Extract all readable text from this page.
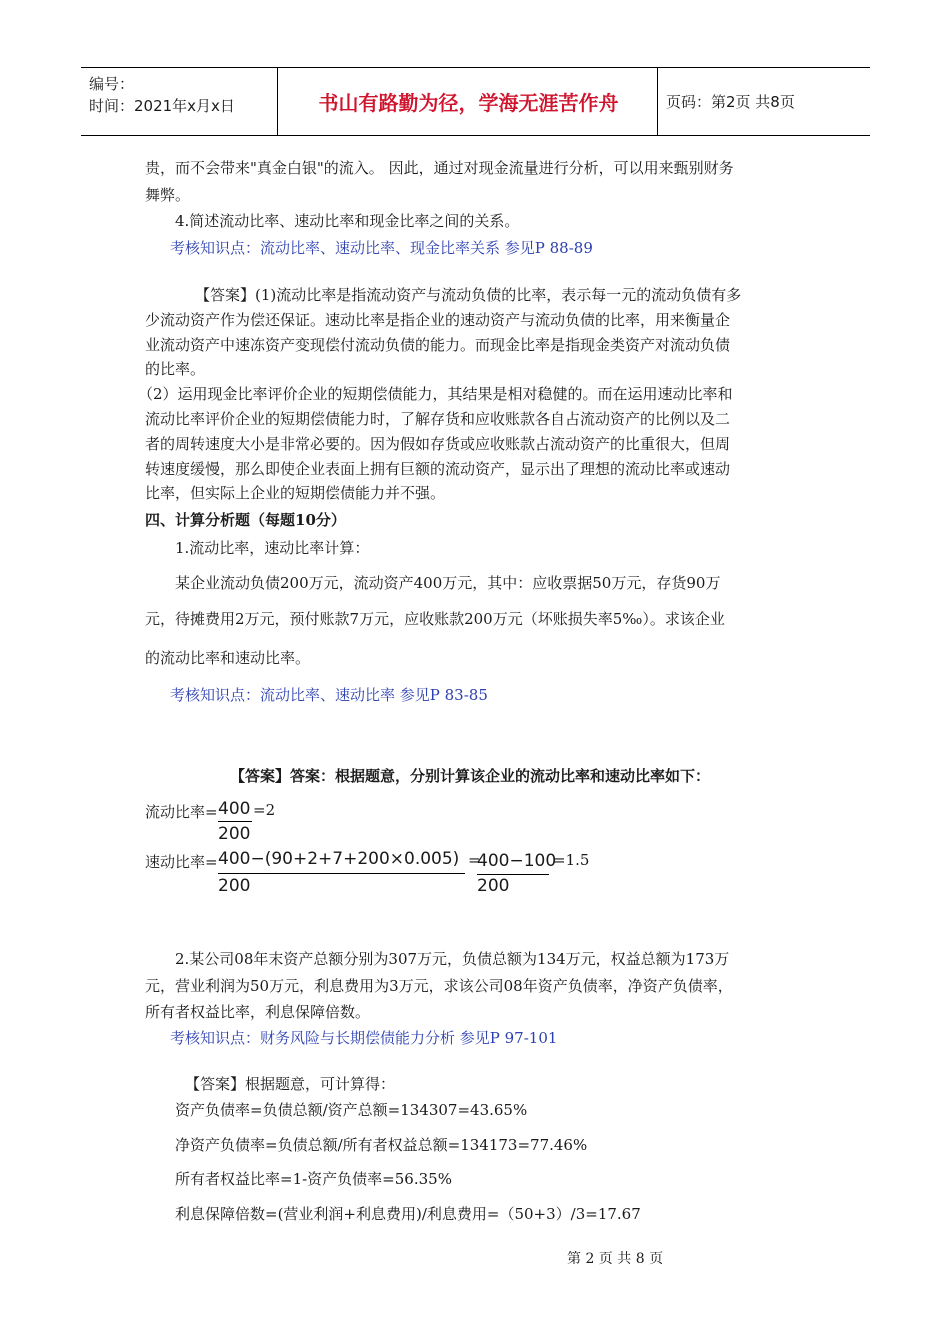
编号：
时间：2021年x月x日	书山有路勤为径，学海无涯苦作舟	页码：第2页 共8页
贵，而不会带来"真金白银"的流入。 因此，通过对现金流量进行分析，可以用来甄别财务
舞弊。
4.简述流动比率、速动比率和现金比率之间的关系。
考核知识点：流动比率、速动比率、现金比率关系 参见P 88-89
【答案】(1)流动比率是指流动资产与流动负债的比率，表示每一元的流动负债有多
少流动资产作为偿还保证。速动比率是指企业的速动资产与流动负债的比率，用来衡量企
业流动资产中速冻资产变现偿付流动负债的能力。而现金比率是指现金类资产对流动负债
的比率。
（2）运用现金比率评价企业的短期偿债能力，其结果是相对稳健的。而在运用速动比率和
流动比率评价企业的短期偿债能力时，了解存货和应收账款各自占流动资产的比例以及二
者的周转速度大小是非常必要的。因为假如存货或应收账款占流动资产的比重很大，但周
转速度缓慢，那么即使企业表面上拥有巨额的流动资产，显示出了理想的流动比率或速动
比率，但实际上企业的短期偿债能力并不强。
四、计算分析题（每题10分）
1.流动比率，速动比率计算：
某企业流动负债200万元，流动资产400万元，其中：应收票据50万元，存货90万
元，待摊费用2万元，预付账款7万元，应收账款200万元（坏账损失率5‰）。求该企业
的流动比率和速动比率。
考核知识点：流动比率、速动比率 参见P 83-85
【答案】答案：根据题意，分别计算该企业的流动比率和速动比率如下：
流动比率= 400 =2
200
速动比率= 400−(90+2+7+200×0.005) =
400−100
=1.5
200	200
2.某公司08年末资产总额分别为307万元，负债总额为134万元，权益总额为173万
元，营业利润为50万元，利息费用为3万元，求该公司08年资产负债率，净资产负债率，
所有者权益比率，利息保障倍数。
考核知识点：财务风险与长期偿债能力分析 参见P 97-101
【答案】根据题意，可计算得：
资产负债率=负债总额/资产总额=134307=43.65%
净资产负债率=负债总额/所有者权益总额=134173=77.46%
所有者权益比率=1-资产负债率=56.35%
利息保障倍数=(营业利润+利息费用)/利息费用=（50+3）/3=17.67
第 2 页 共 8 页
